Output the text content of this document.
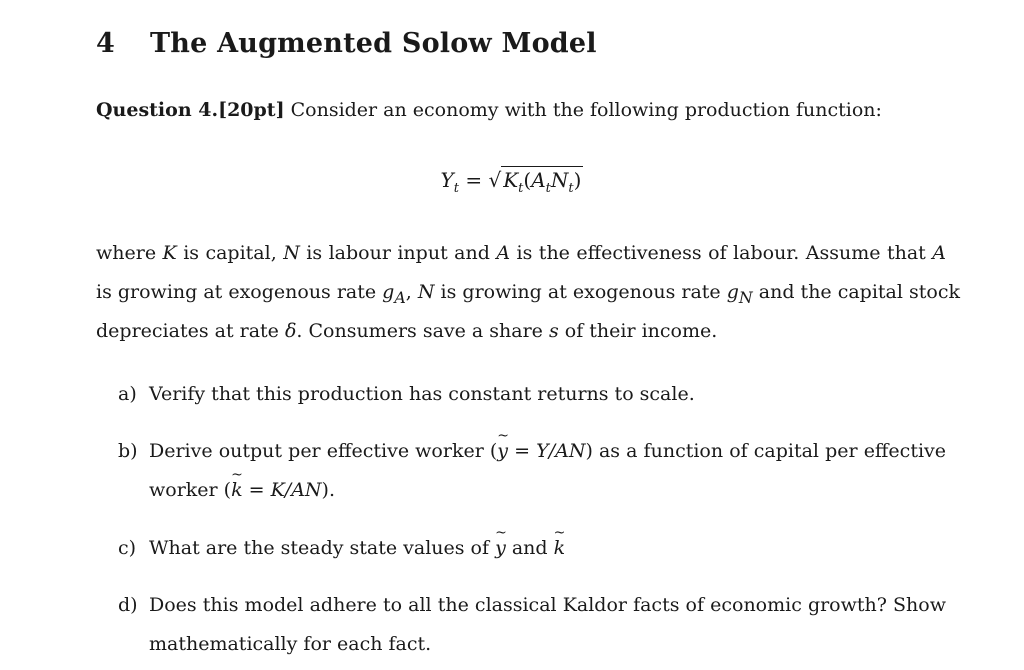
4 The Augmented Solow Model
Question 4.[20pt] Consider an economy with the following production function:
$Y_t$ = √ $K_t(A_tN_t)$
where K is capital, N is labour input and A is the effectiveness of labour. Assume that A
is growing at exogenous rate $g_A$, N is growing at exogenous rate $g_N$ and the capital stock
depreciates at rate δ. Consumers save a share s of their income.
a) Verify that this production has constant returns to scale.
b) Derive output per effective worker (~ y = Y/AN) as a function of capital per effective
worker (~ k = K/AN).
c) What are the steady state values of ~ y and ~ k
d) Does this model adhere to all the classical Kaldor facts of economic growth? Show
mathematically for each fact.
